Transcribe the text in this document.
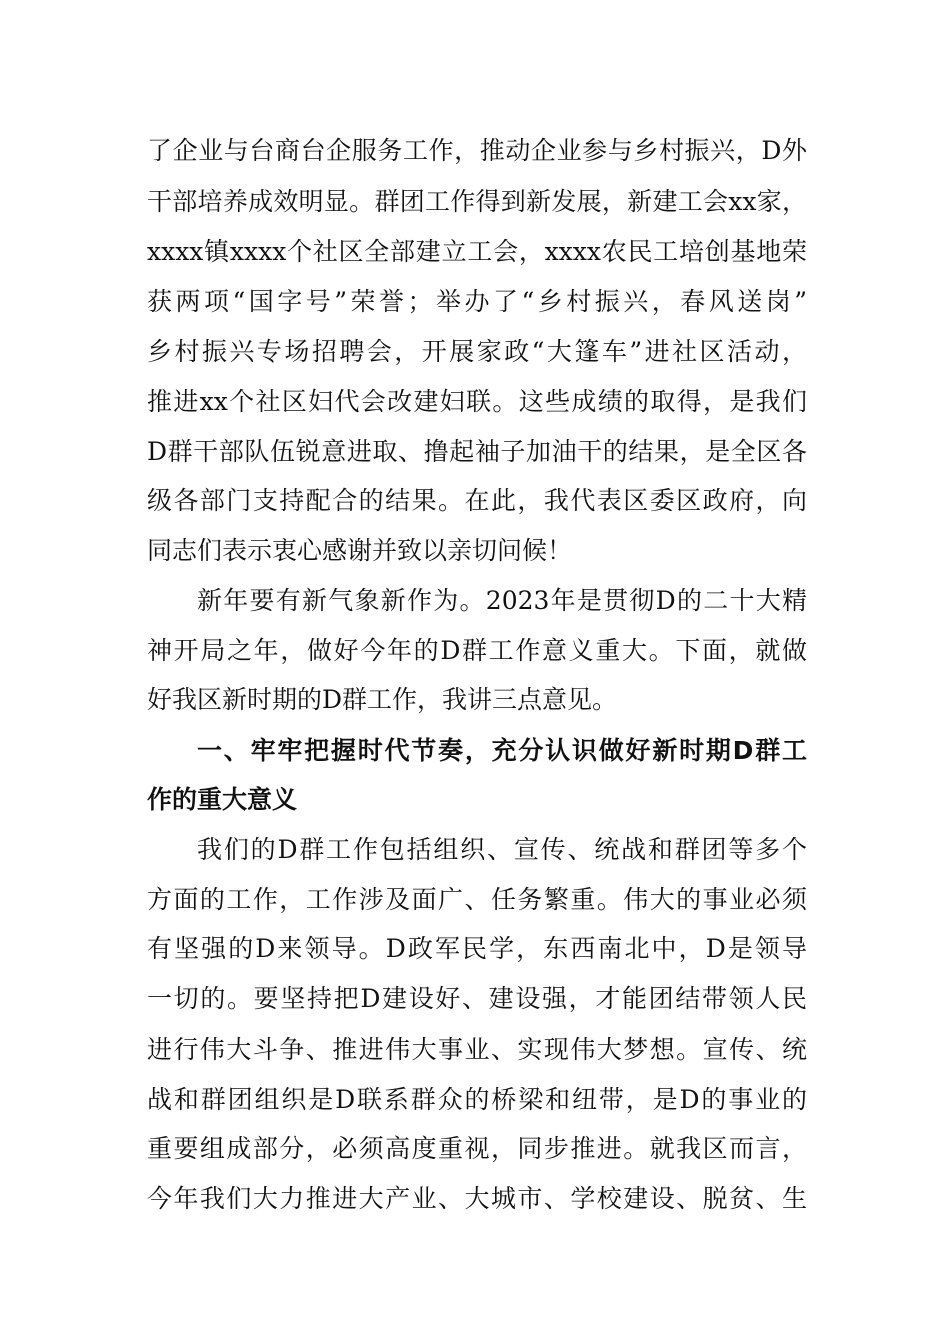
了企业与台商台企服务工作，推动企业参与乡村振兴，D外
干部培养成效明显。群团工作得到新发展，新建工会xx家，
xxxx镇xxxx个社区全部建立工会，xxxx农民工培创基地荣
获两项“国字号”荣誉；举办了“乡村振兴，春风送岗”
乡村振兴专场招聘会，开展家政“大篷车”进社区活动，
推进xx个社区妇代会改建妇联。这些成绩的取得，是我们
D群干部队伍锐意进取、撸起袖子加油干的结果，是全区各
级各部门支持配合的结果。在此，我代表区委区政府，向
同志们表示衷心感谢并致以亲切问候！
新年要有新气象新作为。2023年是贯彻D的二十大精
神开局之年，做好今年的D群工作意义重大。下面，就做
好我区新时期的D群工作，我讲三点意见。
一、牢牢把握时代节奏，充分认识做好新时期D群工
作的重大意义
我们的D群工作包括组织、宣传、统战和群团等多个
方面的工作，工作涉及面广、任务繁重。伟大的事业必须
有坚强的D来领导。D政军民学，东西南北中，D是领导
一切的。要坚持把D建设好、建设强，才能团结带领人民
进行伟大斗争、推进伟大事业、实现伟大梦想。宣传、统
战和群团组织是D联系群众的桥梁和纽带，是D的事业的
重要组成部分，必须高度重视，同步推进。就我区而言，
今年我们大力推进大产业、大城市、学校建设、脱贫、生
